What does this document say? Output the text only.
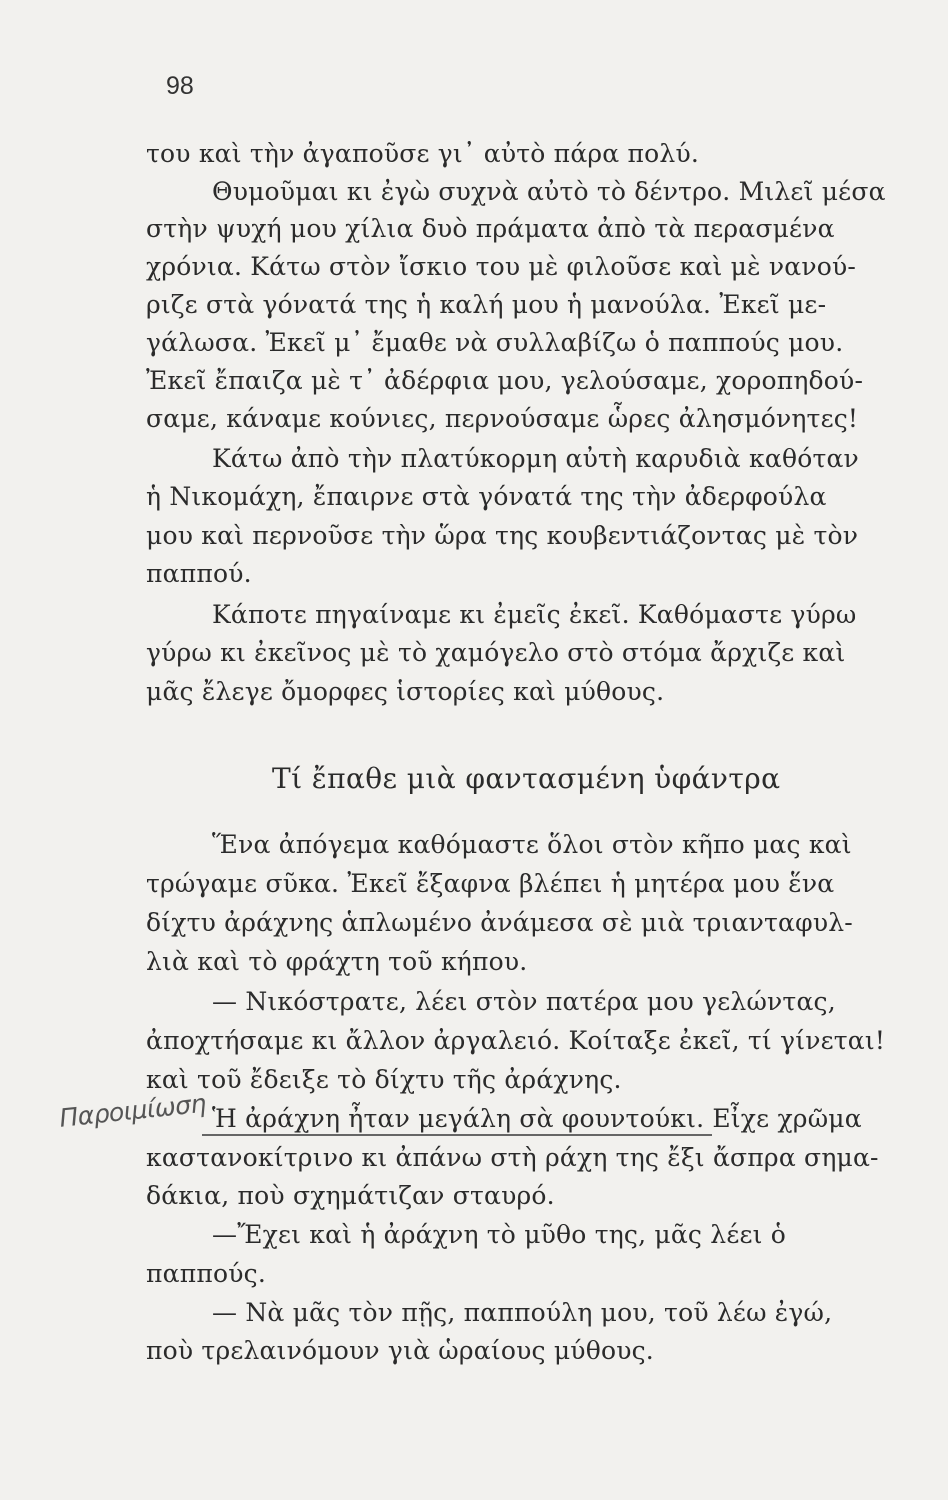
98
του καὶ τὴν ἀγαποῦσε γι᾽ αὐτὸ πάρα πολύ.
Θυμοῦμαι κι ἐγὼ συχνὰ αὐτὸ τὸ δέντρο. Μιλεῖ μέσα
στὴν ψυχή μου χίλια δυὸ πράματα ἀπὸ τὰ περασμένα
χρόνια. Κάτω στὸν ἴσκιο του μὲ φιλοῦσε καὶ μὲ νανού-
ριζε στὰ γόνατά της ἡ καλή μου ἡ μανούλα. Ἐκεῖ με-
γάλωσα. Ἐκεῖ μ᾽ ἔμαθε νὰ συλλαβίζω ὁ παππούς μου.
Ἐκεῖ ἔπαιζα μὲ τ᾽ ἀδέρφια μου, γελούσαμε, χοροπηδού-
σαμε, κάναμε κούνιες, περνούσαμε ὧρες ἀλησμόνητες!
Κάτω ἀπὸ τὴν πλατύκορμη αὐτὴ καρυδιὰ καθόταν
ἡ Νικομάχη, ἔπαιρνε στὰ γόνατά της τὴν ἀδερφούλα
μου καὶ περνοῦσε τὴν ὥρα της κουβεντιάζοντας μὲ τὸν
παππού.
Κάποτε πηγαίναμε κι ἐμεῖς ἐκεῖ. Καθόμαστε γύρω
γύρω κι ἐκεῖνος μὲ τὸ χαμόγελο στὸ στόμα ἄρχιζε καὶ
μᾶς ἔλεγε ὄμορφες ἱστορίες καὶ μύθους.
Τί ἔπαθε μιὰ φαντασμένη ὑφάντρα
Ἕνα ἀπόγεμα καθόμαστε ὅλοι στὸν κῆπο μας καὶ
τρώγαμε σῦκα. Ἐκεῖ ἔξαφνα βλέπει ἡ μητέρα μου ἕνα
δίχτυ ἀράχνης ἁπλωμένο ἀνάμεσα σὲ μιὰ τριανταφυλ-
λιὰ καὶ τὸ φράχτη τοῦ κήπου.
— Νικόστρατε, λέει στὸν πατέρα μου γελώντας,
ἀποχτήσαμε κι ἄλλον ἀργαλειό. Κοίταξε ἐκεῖ, τί γίνεται!
καὶ τοῦ ἔδειξε τὸ δίχτυ τῆς ἀράχνης.
Παροιμίωση Ἡ ἀράχνη ἦταν μεγάλη σὰ φουντούκι. Εἶχε χρῶμα
καστανοκίτρινο κι ἀπάνω στὴ ράχη της ἔξι ἄσπρα σημα-
δάκια, ποὺ σχημάτιζαν σταυρό.
—Ἔχει καὶ ἡ ἀράχνη τὸ μῦθο της, μᾶς λέει ὁ
παππούς.
— Νὰ μᾶς τὸν πῇς, παππούλη μου, τοῦ λέω ἐγώ,
ποὺ τρελαινόμουν γιὰ ὡραίους μύθους.
